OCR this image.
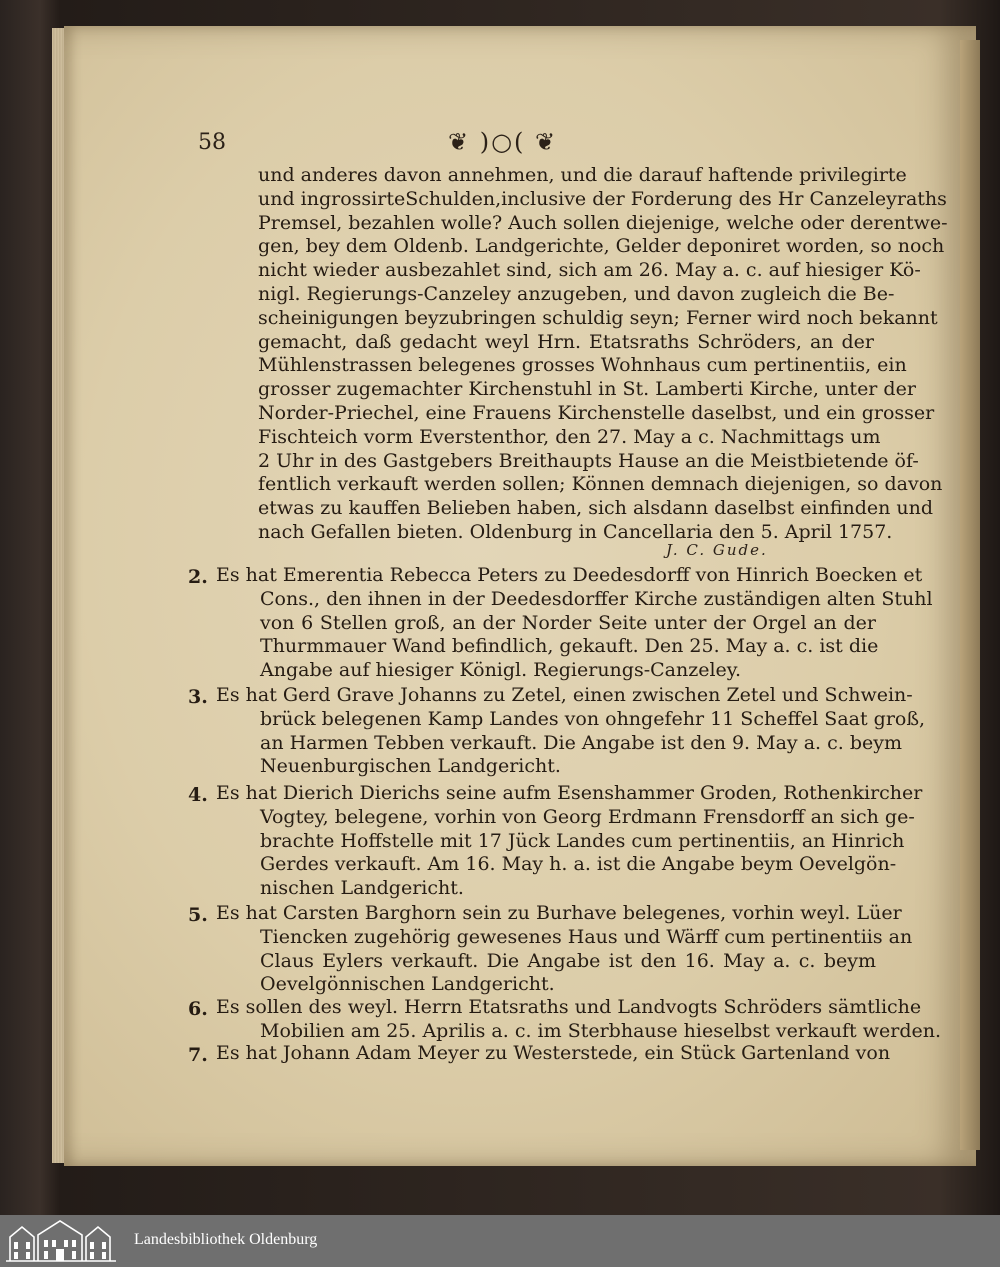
58	❦ )○( ❦
und anderes davon annehmen, und die darauf haftende privilegirte
und ingrossirteSchulden,inclusive der Forderung des Hr Canzeleyraths
Premsel, bezahlen wolle? Auch sollen diejenige, welche oder derentwe-
gen, bey dem Oldenb. Landgerichte, Gelder deponiret worden, so noch
nicht wieder ausbezahlet sind, sich am 26. May a. c. auf hiesiger Kö-
nigl. Regierungs-Canzeley anzugeben, und davon zugleich die Be-
scheinigungen beyzubringen schuldig seyn; Ferner wird noch bekannt
gemacht, daß gedacht weyl Hrn. Etatsraths Schröders, an der
Mühlenstrassen belegenes grosses Wohnhaus cum pertinentiis, ein
grosser zugemachter Kirchenstuhl in St. Lamberti Kirche, unter der
Norder-Priechel, eine Frauens Kirchenstelle daselbst, und ein grosser
Fischteich vorm Everstenthor, den 27. May a c. Nachmittags um
2 Uhr in des Gastgebers Breithaupts Hause an die Meistbietende öf-
fentlich verkauft werden sollen; Können demnach diejenigen, so davon
etwas zu kauffen Belieben haben, sich alsdann daselbst einfinden und
nach Gefallen bieten. Oldenburg in Cancellaria den 5. April 1757.
J. C. Gude.
2. Es hat Emerentia Rebecca Peters zu Deedesdorff von Hinrich Boecken et
Cons., den ihnen in der Deedesdorffer Kirche zuständigen alten Stuhl
von 6 Stellen groß, an der Norder Seite unter der Orgel an der
Thurmmauer Wand befindlich, gekauft. Den 25. May a. c. ist die
Angabe auf hiesiger Königl. Regierungs-Canzeley.
3. Es hat Gerd Grave Johanns zu Zetel, einen zwischen Zetel und Schwein-
brück belegenen Kamp Landes von ohngefehr 11 Scheffel Saat groß,
an Harmen Tebben verkauft. Die Angabe ist den 9. May a. c. beym
Neuenburgischen Landgericht.
4. Es hat Dierich Dierichs seine aufm Esenshammer Groden, Rothenkircher
Vogtey, belegene, vorhin von Georg Erdmann Frensdorff an sich ge-
brachte Hoffstelle mit 17 Jück Landes cum pertinentiis, an Hinrich
Gerdes verkauft. Am 16. May h. a. ist die Angabe beym Oevelgön-
nischen Landgericht.
5. Es hat Carsten Barghorn sein zu Burhave belegenes, vorhin weyl. Lüer
Tiencken zugehörig gewesenes Haus und Wärff cum pertinentiis an
Claus Eylers verkauft. Die Angabe ist den 16. May a. c. beym
Oevelgönnischen Landgericht.
6. Es sollen des weyl. Herrn Etatsraths und Landvogts Schröders sämtliche
Mobilien am 25. Aprilis a. c. im Sterbhause hieselbst verkauft werden.
7. Es hat Johann Adam Meyer zu Westerstede, ein Stück Gartenland von
Landesbibliothek Oldenburg
